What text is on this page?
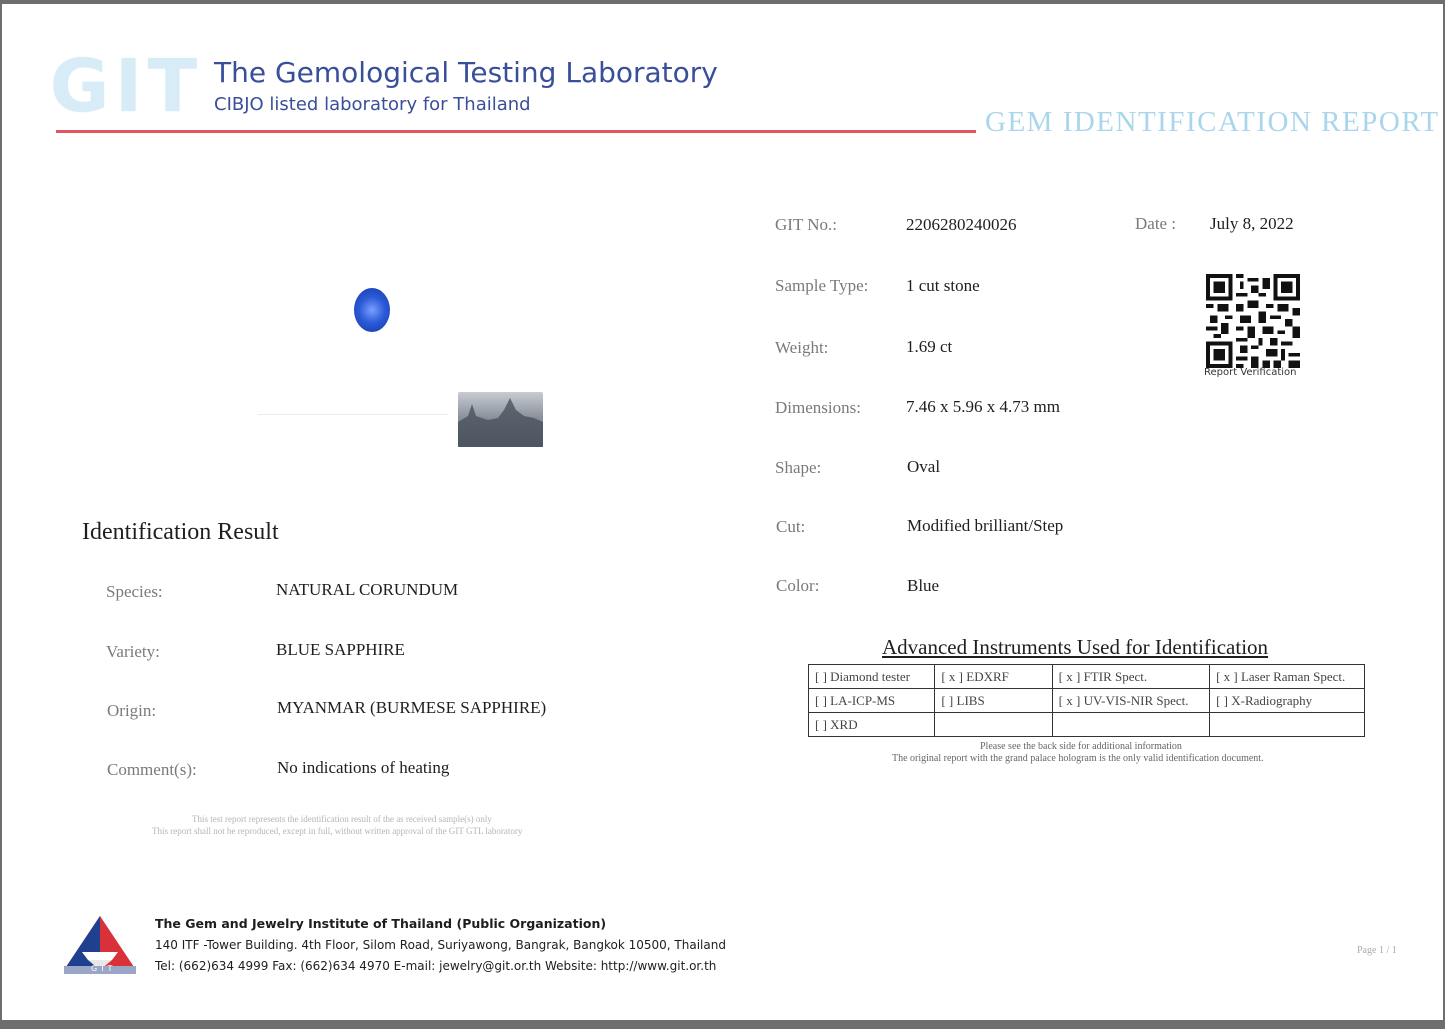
GIT The Gemological Testing Laboratory
CIBJO listed laboratory for Thailand
GEM IDENTIFICATION REPORT
GIT No.:	2206280240026	Date : July 8, 2022
Sample Type: 1 cut stone
Weight:	1.69 ct
Dimensions:	7.46 x 5.96 x 4.73 mm
Shape:	Oval
Cut:	Modified brilliant/Step
Color:	Blue
Report Verification
Identification Result
Species:	NATURAL CORUNDUM
Variety:	BLUE SAPPHIRE
Origin:	MYANMAR (BURMESE SAPPHIRE)
Comment(s):	No indications of heating
This test report represents the identification result of the as received sample(s) only
This report shall not be reproduced, except in full, without written approval of the GIT GTL laboratory
Advanced Instruments Used for Identification
[ ] Diamond tester	[ x ] EDXRF	[ x ] FTIR Spect.	[ x ] Laser Raman Spect.
[ ] LA-ICP-MS	[ ] LIBS	[ x ] UV-VIS-NIR Spect.	[ ] X-Radiography
[ ] XRD			
Please see the back side for additional information
The original report with the grand palace hologram is the only valid identification document.
GIT
The Gem and Jewelry Institute of Thailand (Public Organization)
140 ITF -Tower Building. 4th Floor, Silom Road, Suriyawong, Bangrak, Bangkok 10500, Thailand
Tel: (662)634 4999 Fax: (662)634 4970 E-mail: jewelry@git.or.th Website: http://www.git.or.th
Page 1 / 1
